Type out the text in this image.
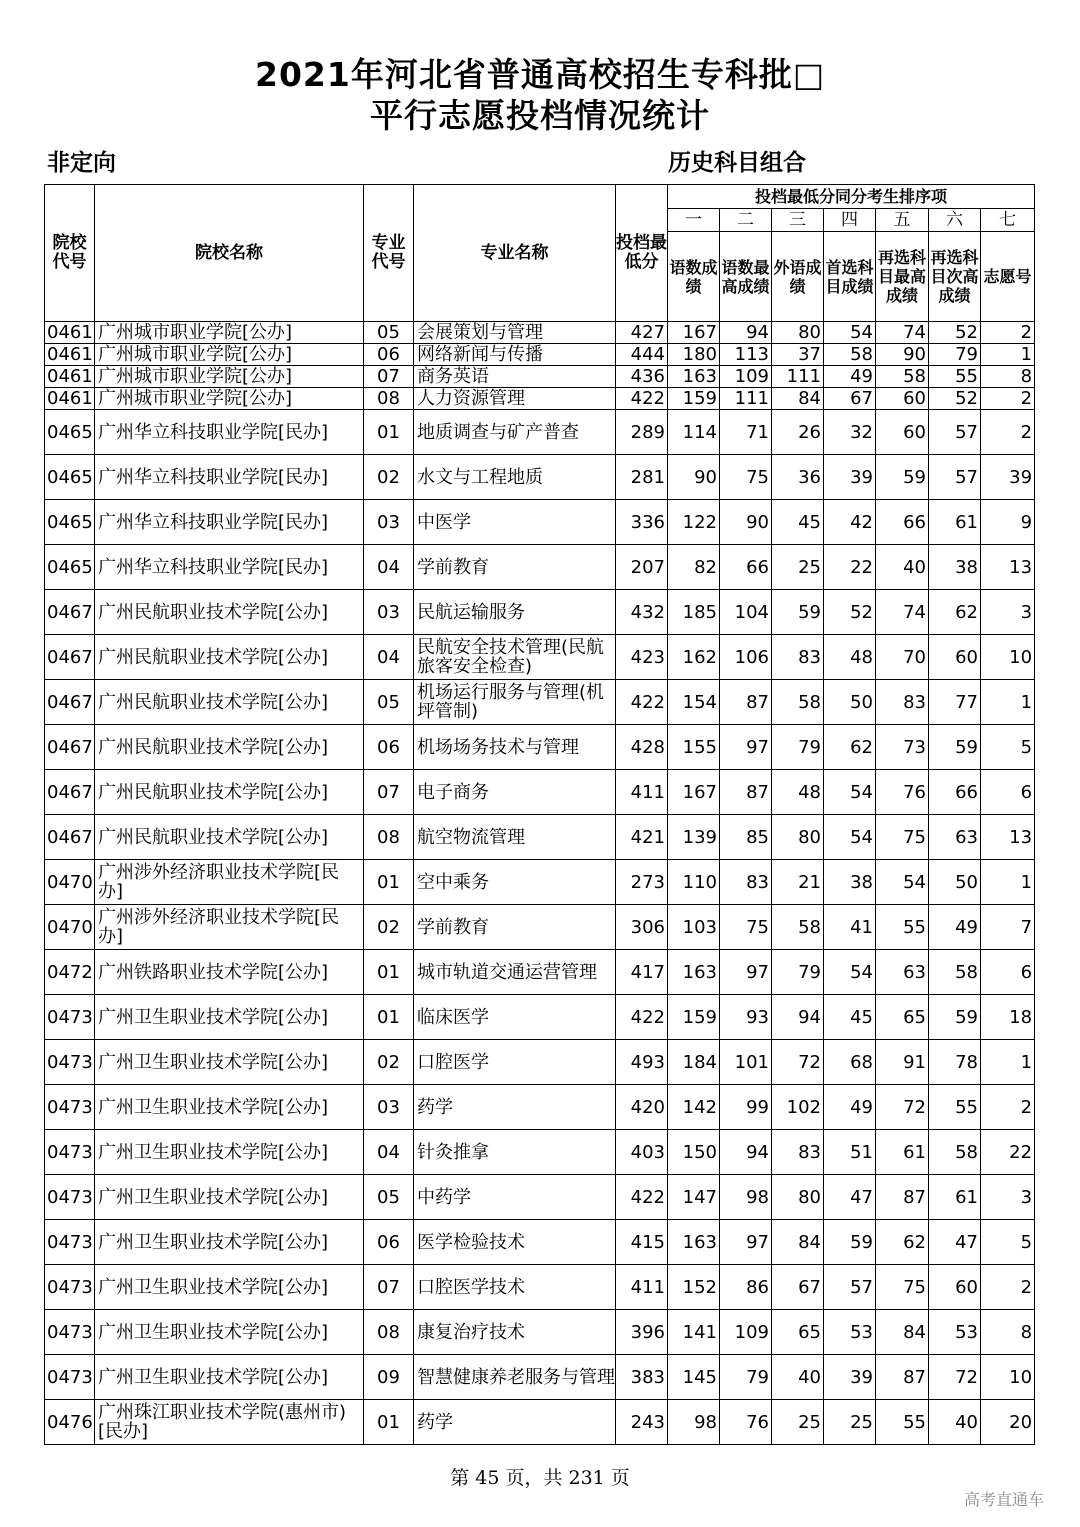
2021年河北省普通高校招生专科批□
平行志愿投档情况统计
非定向	历史科目组合
院校代号	院校名称	专业代号	专业名称	投档最低分	投档最低分同分考生排序项						
					一	二	三	四	五	六	七
					语数成绩	语数最高成绩	外语成绩	首选科目成绩	再选科目最高成绩	再选科目次高成绩	志愿号
0461	广州城市职业学院[公办]	05	会展策划与管理	427	167	94	80	54	74	52	2
0461	广州城市职业学院[公办]	06	网络新闻与传播	444	180	113	37	58	90	79	1
0461	广州城市职业学院[公办]	07	商务英语	436	163	109	111	49	58	55	8
0461	广州城市职业学院[公办]	08	人力资源管理	422	159	111	84	67	60	52	2
0465	广州华立科技职业学院[民办]	01	地质调查与矿产普查	289	114	71	26	32	60	57	2
0465	广州华立科技职业学院[民办]	02	水文与工程地质	281	90	75	36	39	59	57	39
0465	广州华立科技职业学院[民办]	03	中医学	336	122	90	45	42	66	61	9
0465	广州华立科技职业学院[民办]	04	学前教育	207	82	66	25	22	40	38	13
0467	广州民航职业技术学院[公办]	03	民航运输服务	432	185	104	59	52	74	62	3
0467	广州民航职业技术学院[公办]	04	民航安全技术管理(民航旅客安全检查)	423	162	106	83	48	70	60	10
0467	广州民航职业技术学院[公办]	05	机场运行服务与管理(机坪管制)	422	154	87	58	50	83	77	1
0467	广州民航职业技术学院[公办]	06	机场场务技术与管理	428	155	97	79	62	73	59	5
0467	广州民航职业技术学院[公办]	07	电子商务	411	167	87	48	54	76	66	6
0467	广州民航职业技术学院[公办]	08	航空物流管理	421	139	85	80	54	75	63	13
0470	广州涉外经济职业技术学院[民办]	01	空中乘务	273	110	83	21	38	54	50	1
0470	广州涉外经济职业技术学院[民办]	02	学前教育	306	103	75	58	41	55	49	7
0472	广州铁路职业技术学院[公办]	01	城市轨道交通运营管理	417	163	97	79	54	63	58	6
0473	广州卫生职业技术学院[公办]	01	临床医学	422	159	93	94	45	65	59	18
0473	广州卫生职业技术学院[公办]	02	口腔医学	493	184	101	72	68	91	78	1
0473	广州卫生职业技术学院[公办]	03	药学	420	142	99	102	49	72	55	2
0473	广州卫生职业技术学院[公办]	04	针灸推拿	403	150	94	83	51	61	58	22
0473	广州卫生职业技术学院[公办]	05	中药学	422	147	98	80	47	87	61	3
0473	广州卫生职业技术学院[公办]	06	医学检验技术	415	163	97	84	59	62	47	5
0473	广州卫生职业技术学院[公办]	07	口腔医学技术	411	152	86	67	57	75	60	2
0473	广州卫生职业技术学院[公办]	08	康复治疗技术	396	141	109	65	53	84	53	8
0473	广州卫生职业技术学院[公办]	09	智慧健康养老服务与管理	383	145	79	40	39	87	72	10
0476	广州珠江职业技术学院(惠州市)[民办]	01	药学	243	98	76	25	25	55	40	20
第 45 页，共 231 页
高考直通车
